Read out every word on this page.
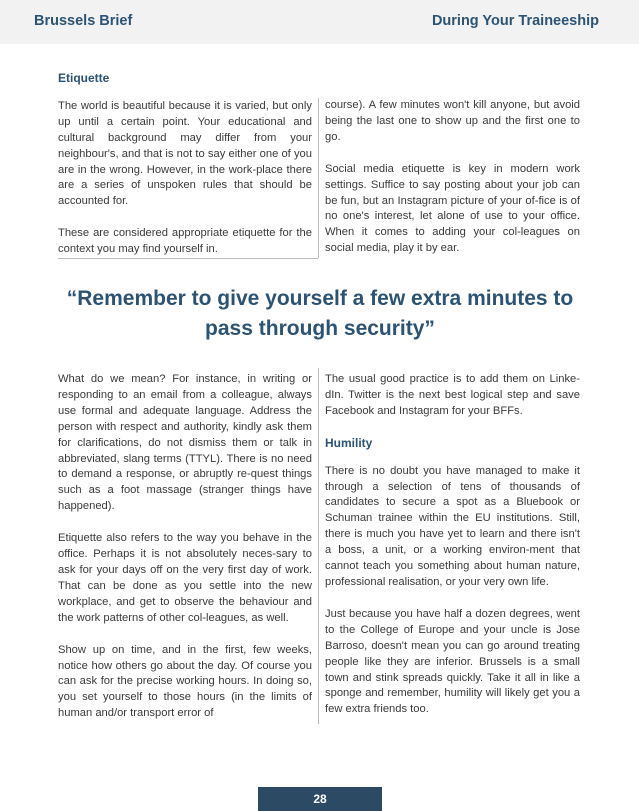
Brussels Brief	During Your Traineeship
Etiquette

The world is beautiful because it is varied, but only up until a certain point. Your educational and cultural background may differ from your neighbour's, and that is not to say either one of you are in the wrong. However, in the work-place there are a series of unspoken rules that should be accounted for.

These are considered appropriate etiquette for the context you may find yourself in.

course). A few minutes won't kill anyone, but avoid being the last one to show up and the first one to go.

Social media etiquette is key in modern work settings. Suffice to say posting about your job can be fun, but an Instagram picture of your of-fice is of no one's interest, let alone of use to your office. When it comes to adding your col-leagues on social media, play it by ear.

“Remember to give yourself a few extra minutes to pass through security”

What do we mean? For instance, in writing or responding to an email from a colleague, always use formal and adequate language. Address the person with respect and authority, kindly ask them for clarifications, do not dismiss them or talk in abbreviated, slang terms (TTYL). There is no need to demand a response, or abruptly re-quest things such as a foot massage (stranger things have happened).

Etiquette also refers to the way you behave in the office. Perhaps it is not absolutely neces-sary to ask for your days off on the very first day of work. That can be done as you settle into the new workplace, and get to observe the behaviour and the work patterns of other col-leagues, as well.

Show up on time, and in the first, few weeks, notice how others go about the day. Of course you can ask for the precise working hours. In doing so, you set yourself to those hours (in the limits of human and/or transport error of

The usual good practice is to add them on Linke-dIn. Twitter is the next best logical step and save Facebook and Instagram for your BFFs.

Humility

There is no doubt you have managed to make it through a selection of tens of thousands of candidates to secure a spot as a Bluebook or Schuman trainee within the EU institutions. Still, there is much you have yet to learn and there isn't a boss, a unit, or a working environ-ment that cannot teach you something about human nature, professional realisation, or your very own life.

Just because you have half a dozen degrees, went to the College of Europe and your uncle is Jose Barroso, doesn't mean you can go around treating people like they are inferior. Brussels is a small town and stink spreads quickly. Take it all in like a sponge and remember, humility will likely get you a few extra friends too.

28
